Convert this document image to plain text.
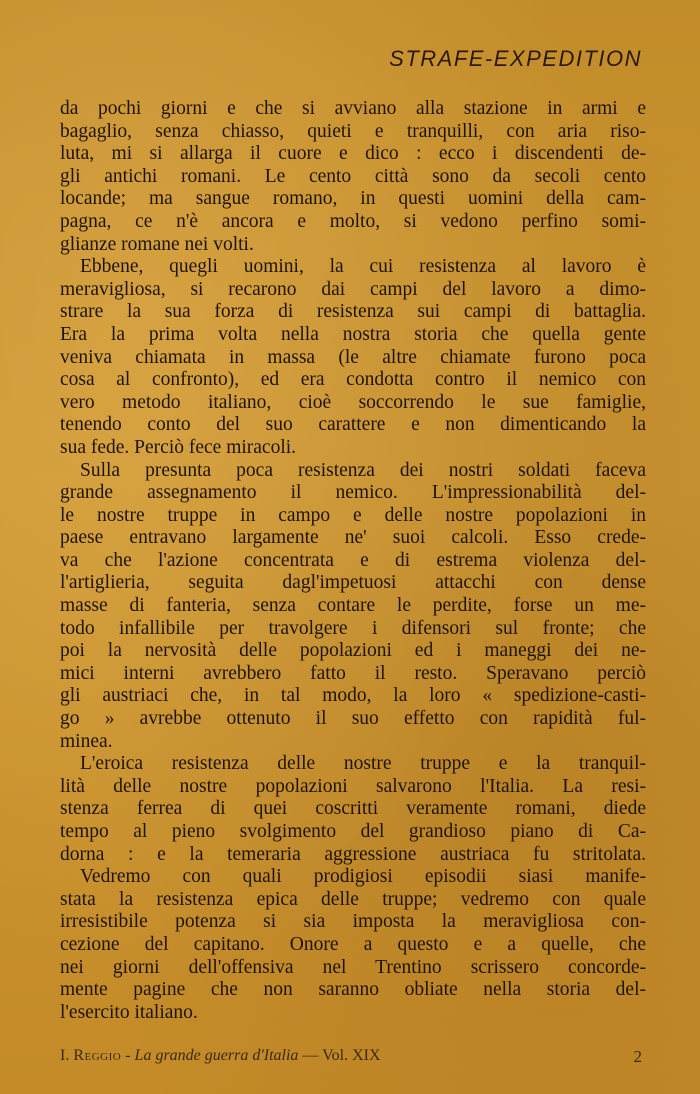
STRAFE-EXPEDITION
da pochi giorni e che si avviano alla stazione in armi e
bagaglio, senza chiasso, quieti e tranquilli, con aria riso-
luta, mi si allarga il cuore e dico : ecco i discendenti de-
gli antichi romani. Le cento città sono da secoli cento
locande; ma sangue romano, in questi uomini della cam-
pagna, ce n'è ancora e molto, si vedono perfino somi-
glianze romane nei volti.
Ebbene, quegli uomini, la cui resistenza al lavoro è
meravigliosa, si recarono dai campi del lavoro a dimo-
strare la sua forza di resistenza sui campi di battaglia.
Era la prima volta nella nostra storia che quella gente
veniva chiamata in massa (le altre chiamate furono poca
cosa al confronto), ed era condotta contro il nemico con
vero metodo italiano, cioè soccorrendo le sue famiglie,
tenendo conto del suo carattere e non dimenticando la
sua fede. Perciò fece miracoli.
Sulla presunta poca resistenza dei nostri soldati faceva
grande assegnamento il nemico. L'impressionabilità del-
le nostre truppe in campo e delle nostre popolazioni in
paese entravano largamente ne' suoi calcoli. Esso crede-
va che l'azione concentrata e di estrema violenza del-
l'artiglieria, seguita dagl'impetuosi attacchi con dense
masse di fanteria, senza contare le perdite, forse un me-
todo infallibile per travolgere i difensori sul fronte; che
poi la nervosità delle popolazioni ed i maneggi dei ne-
mici interni avrebbero fatto il resto. Speravano perciò
gli austriaci che, in tal modo, la loro « spedizione-casti-
go » avrebbe ottenuto il suo effetto con rapidità ful-
minea.
L'eroica resistenza delle nostre truppe e la tranquil-
lità delle nostre popolazioni salvarono l'Italia. La resi-
stenza ferrea di quei coscritti veramente romani, diede
tempo al pieno svolgimento del grandioso piano di Ca-
dorna : e la temeraria aggressione austriaca fu stritolata.
Vedremo con quali prodigiosi episodii siasi manife-
stata la resistenza epica delle truppe; vedremo con quale
irresistibile potenza si sia imposta la meravigliosa con-
cezione del capitano. Onore a questo e a quelle, che
nei giorni dell'offensiva nel Trentino scrissero concorde-
mente pagine che non saranno obliate nella storia del-
l'esercito italiano.
I. Reggio - La grande guerra d'Italia — Vol. XIX	2
